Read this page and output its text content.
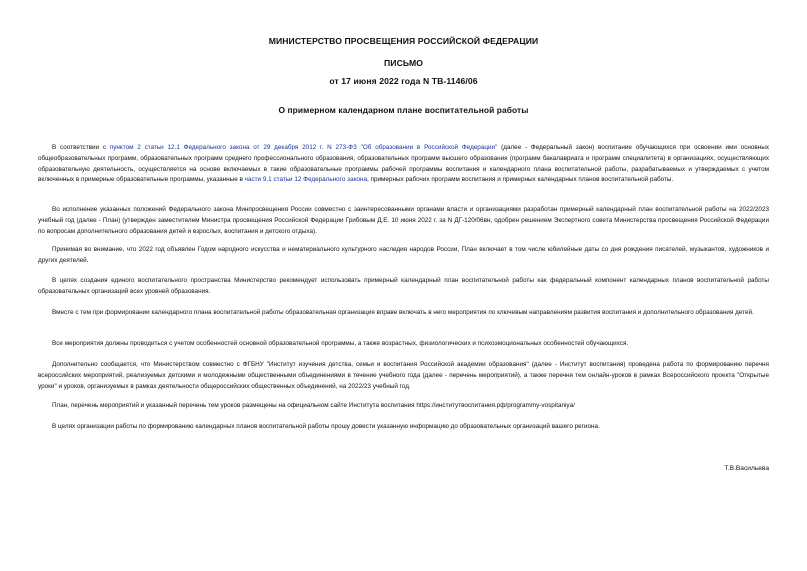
МИНИСТЕРСТВО ПРОСВЕЩЕНИЯ РОССИЙСКОЙ ФЕДЕРАЦИИ
ПИСЬМО
от 17 июня 2022 года N ТВ-1146/06
О примерном календарном плане воспитательной работы

В соответствии с пунктом 2 статьи 12.1 Федерального закона от 29 декабря 2012 г. N 273-ФЗ "Об образовании в Российской Федерации" (далее - Федеральный закон) воспитание обучающихся при освоении ими основных общеобразовательных программ, образовательных программ среднего профессионального образования, образовательных программ высшего образования (программ бакалавриата и программ специалитета) в организациях, осуществляющих образовательную деятельность, осуществляется на основе включаемых в такие образовательные программы рабочей программы воспитания и календарного плана воспитательной работы, разрабатываемых и утверждаемых с учетом включенных в примерные образовательные программы, указанные в части 9.1 статьи 12 Федерального закона, примерных рабочих программ воспитания и примерных календарных планов воспитательной работы.

Во исполнение указанных положений Федерального закона Минпросвещения России совместно с заинтересованными органами власти и организациями разработан примерный календарный план воспитательной работы на 2022/2023 учебный год (далее - План) (утвержден заместителем Министра просвещения Российской Федерации Грибовым Д.Е. 10 июня 2022 г. за N ДГ-120/06вн, одобрен решением Экспертного совета Министерства просвещения Российской Федерации по вопросам дополнительного образования детей и взрослых, воспитания и детского отдыха).

Принимая во внимание, что 2022 год объявлен Годом народного искусства и нематериального культурного наследия народов России, План включает в том числе юбилейные даты со дня рождения писателей, музыкантов, художников и других деятелей.

В целях создания единого воспитательного пространства Министерство рекомендует использовать примерный календарный план воспитательной работы как федеральный компонент календарных планов воспитательной работы образовательных организаций всех уровней образования.

Вместе с тем при формировании календарного плана воспитательной работы образовательная организация вправе включать в него мероприятия по ключевым направлениям развития воспитания и дополнительного образования детей.

Все мероприятия должны проводиться с учетом особенностей основной образовательной программы, а также возрастных, физиологических и психоэмоциональных особенностей обучающихся.

Дополнительно сообщается, что Министерством совместно с ФГБНУ "Институт изучения детства, семьи и воспитания Российской академии образования" (далее - Институт воспитания) проведена работа по формированию перечня всероссийских мероприятий, реализуемых детскими и молодежными общественными объединениями в течение учебного года (далее - перечень мероприятий), а также перечня тем онлайн-уроков в рамках Всероссийского проекта "Открытые уроки" и уроков, организуемых в рамках деятельности общероссийских общественных объединений, на 2022/23 учебный год.

План, перечень мероприятий и указанный перечень тем уроков размещены на официальном сайте Института воспитания https://институтвоспитания.рф/programmy-vospitaniya/

В целях организации работы по формированию календарных планов воспитательной работы прошу довести указанную информацию до образовательных организаций вашего региона.

Т.В.Васильева
